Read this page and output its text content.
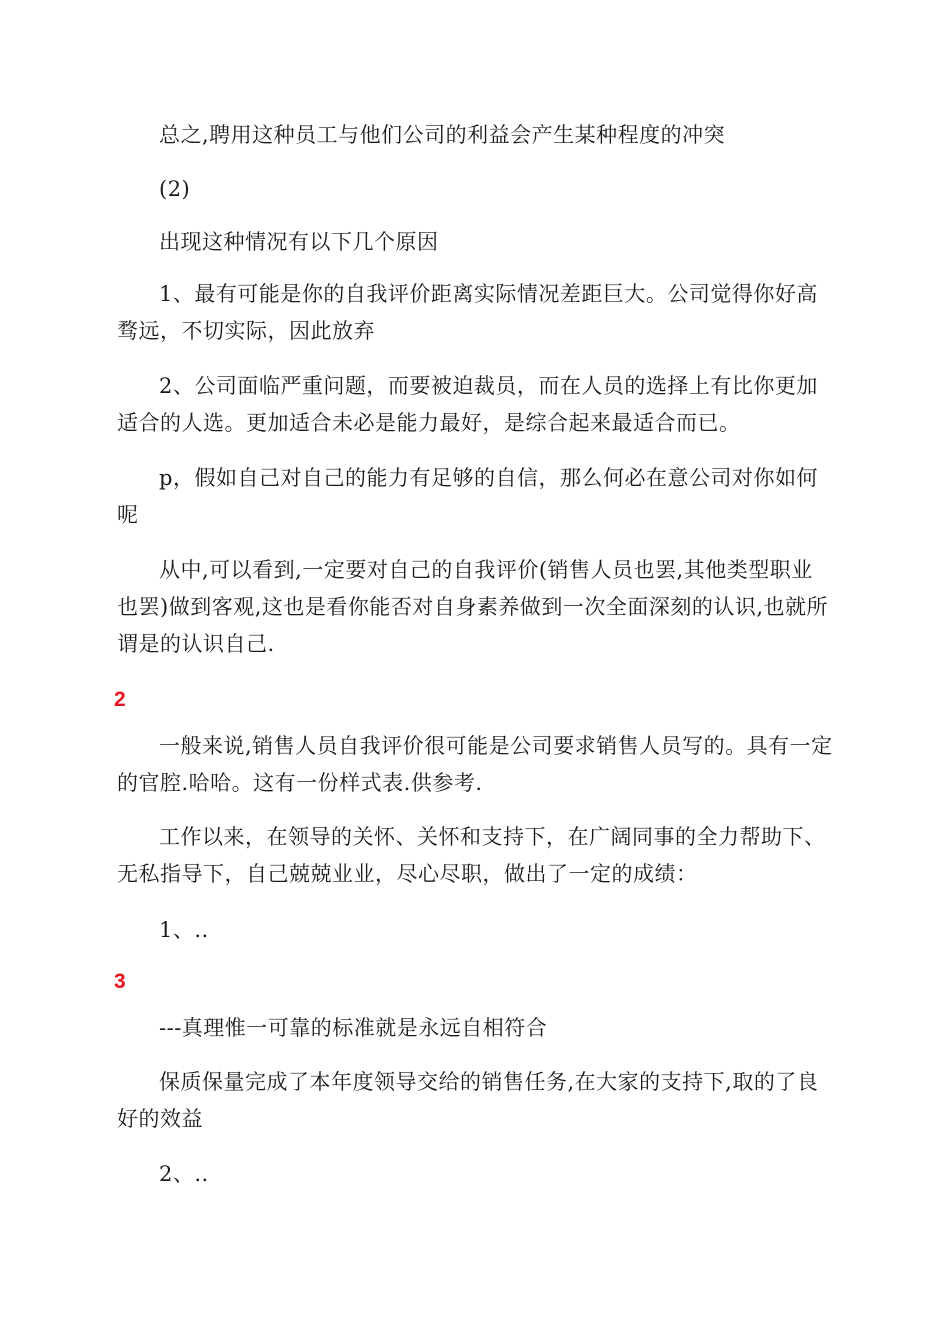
总之,聘用这种员工与他们公司的利益会产生某种程度的冲突

(2)

出现这种情况有以下几个原因

1、最有可能是你的自我评价距离实际情况差距巨大。公司觉得你好高骛远，不切实际，因此放弃

2、公司面临严重问题，而要被迫裁员，而在人员的选择上有比你更加适合的人选。更加适合未必是能力最好，是综合起来最适合而已。

p，假如自己对自己的能力有足够的自信，那么何必在意公司对你如何呢

从中,可以看到,一定要对自己的自我评价(销售人员也罢,其他类型职业也罢)做到客观,这也是看你能否对自身素养做到一次全面深刻的认识,也就所谓是的认识自己.

2

一般来说,销售人员自我评价很可能是公司要求销售人员写的。具有一定的官腔.哈哈。这有一份样式表.供参考.

工作以来，在领导的关怀、关怀和支持下，在广阔同事的全力帮助下、无私指导下，自己兢兢业业，尽心尽职，做出了一定的成绩：

1、..

3

---真理惟一可靠的标准就是永远自相符合

保质保量完成了本年度领导交给的销售任务,在大家的支持下,取的了良好的效益

2、..
